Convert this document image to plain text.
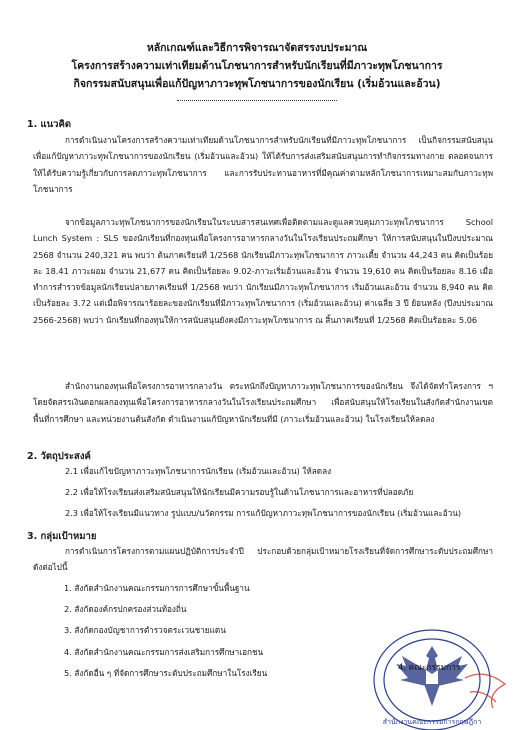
หลักเกณฑ์และวิธีการพิจารณาจัดสรรงบประมาณ
โครงการสร้างความเท่าเทียมด้านโภชนาการสำหรับนักเรียนที่มีภาวะทุพโภชนาการ
กิจกรรมสนับสนุนเพื่อแก้ปัญหาภาวะทุพโภชนาการของนักเรียน (เริ่มอ้วนและอ้วน)
1. แนวคิด
การดำเนินงานโครงการสร้างความเท่าเทียมด้านโภชนาการสำหรับนักเรียนที่มีภาวะทุพโภชนาการ เป็นกิจกรรมสนับสนุนเพื่อแก้ปัญหาภาวะทุพโภชนาการของนักเรียน (เริ่มอ้วนและอ้วน) ให้ได้รับการส่งเสริมสนับสนุนการทำกิจกรรมทางกาย ตลอดจนการให้ได้รับความรู้เกี่ยวกับการลดภาวะทุพโภชนาการ และการรับประทานอาหารที่มีคุณค่าตามหลักโภชนาการเหมาะสมกับภาวะทุพโภชนาการ
จากข้อมูลภาวะทุพโภชนาการของนักเรียนในระบบสารสนเทศเพื่อติดตามและดูแลควบคุมภาวะทุพโภชนาการ School Lunch System : SLS ของนักเรียนที่กองทุนเพื่อโครงการอาหารกลางวันในโรงเรียนประถมศึกษา ให้การสนับสนุนในปีงบประมาณ 2568 จำนวน 240,321 คน พบว่า ต้นภาคเรียนที่ 1/2568 นักเรียนมีภาวะทุพโภชนาการ ภาวะเตี้ย จำนวน 44,243 คน คิดเป็นร้อยละ 18.41 ภาวะผอม จำนวน 21,677 คน คิดเป็นร้อยละ 9.02-ภาวะเริ่มอ้วนและอ้วน จำนวน 19,610 คน คิดเป็นร้อยละ 8.16 เมื่อทำการสำรวจข้อมูลนักเรียนปลายภาคเรียนที่ 1/2568 พบว่า นักเรียนมีภาวะทุพโภชนาการ เริ่มอ้วนและอ้วน จำนวน 8,940 คน คิดเป็นร้อยละ 3.72 แต่เมื่อพิจารณาร้อยละของนักเรียนที่มีภาวะทุพโภชนาการ (เริ่มอ้วนและอ้วน) ค่าเฉลี่ย 3 ปี ย้อนหลัง (ปีงบประมาณ 2566-2568) พบว่า นักเรียนที่กองทุนให้การสนับสนุนยังคงมีภาวะทุพโภชนาการ ณ สิ้นภาคเรียนที่ 1/2568 คิดเป็นร้อยละ 5.06
สำนักงานกองทุนเพื่อโครงการอาหารกลางวัน ตระหนักถึงปัญหาภาวะทุพโภชนาการของนักเรียน จึงได้จัดทำโครงการ ฯ โดยจัดสรรเงินดอกผลกองทุนเพื่อโครงการอาหารกลางวันในโรงเรียนประถมศึกษา เพื่อสนับสนุนให้โรงเรียนในสังกัดสำนักงานเขตพื้นที่การศึกษา และหน่วยงานต้นสังกัด ดำเนินงานแก้ปัญหานักเรียนที่มี (ภาวะเริ่มอ้วนและอ้วน) ในโรงเรียนให้ลดลง
2. วัตถุประสงค์
2.1 เพื่อแก้ไขปัญหาภาวะทุพโภชนาการนักเรียน (เริ่มอ้วนและอ้วน) ให้ลดลง
2.2 เพื่อให้โรงเรียนส่งเสริมสนับสนุนให้นักเรียนมีความรอบรู้ในด้านโภชนาการและอาหารที่ปลอดภัย
2.3 เพื่อให้โรงเรียนมีแนวทาง รูปแบบ/นวัตกรรม การแก้ปัญหาภาวะทุพโภชนาการของนักเรียน (เริ่มอ้วนและอ้วน)
3. กลุ่มเป้าหมาย
การดำเนินการโครงการตามแผนปฏิบัติการประจำปี ประกอบด้วยกลุ่มเป้าหมายโรงเรียนที่จัดการศึกษาระดับประถมศึกษา ดังต่อไปนี้
1. สังกัดสำนักงานคณะกรรมการการศึกษาขั้นพื้นฐาน
2. สังกัดองค์กรปกครองส่วนท้องถิ่น
3. สังกัดกองบัญชาการตำรวจตระเวนชายแดน
4. สังกัดสำนักงานคณะกรรมการส่งเสริมการศึกษาเอกชน
5. สังกัดอื่น ๆ ที่จัดการศึกษาระดับประถมศึกษาในโรงเรียน
สำนักงานคณะกรรมการกฤษฎีกา
4. คณะกรรมการ
